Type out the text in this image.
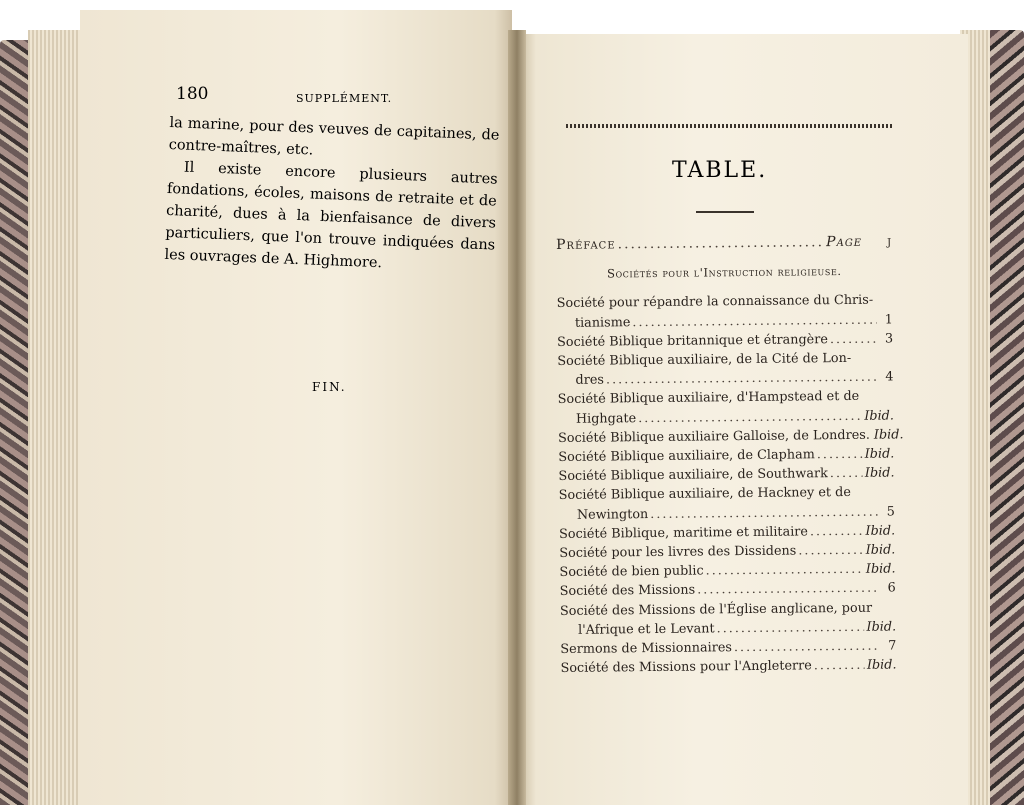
180	SUPPLÉMENT.

la marine, pour des veuves de capitaines, de contre-maîtres, etc.

Il existe encore plusieurs autres fondations, écoles, maisons de retraite et de charité, dues à la bienfaisance de divers particuliers, que l'on trouve indiquées dans les ouvrages de A. Highmore.

FIN.
TABLE.
Préface .....	Page	j
Sociétés pour l'Instruction religieuse.
Société pour répandre la connaissance du Chris-
tianisme .....	1
Société Biblique britannique et étrangère .....	3
Société Biblique auxiliaire, de la Cité de Lon-
dres .....	4
Société Biblique auxiliaire, d'Hampstead et de
Highgate .....	Ibid.
Société Biblique auxiliaire Galloise, de Londres. ..... Ibid.
Société Biblique auxiliaire, de Clapham .....	Ibid.
Société Biblique auxiliaire, de Southwark .....	Ibid.
Société Biblique auxiliaire, de Hackney et de
Newington .....	5
Société Biblique, maritime et militaire .....	Ibid.
Société pour les livres des Dissidens .....	Ibid.
Société de bien public .....	Ibid.
Société des Missions .....	6
Société des Missions de l'Église anglicane, pour
l'Afrique et le Levant .....	Ibid.
Sermons de Missionnaires .....	7
Société des Missions pour l'Angleterre .....	Ibid.
